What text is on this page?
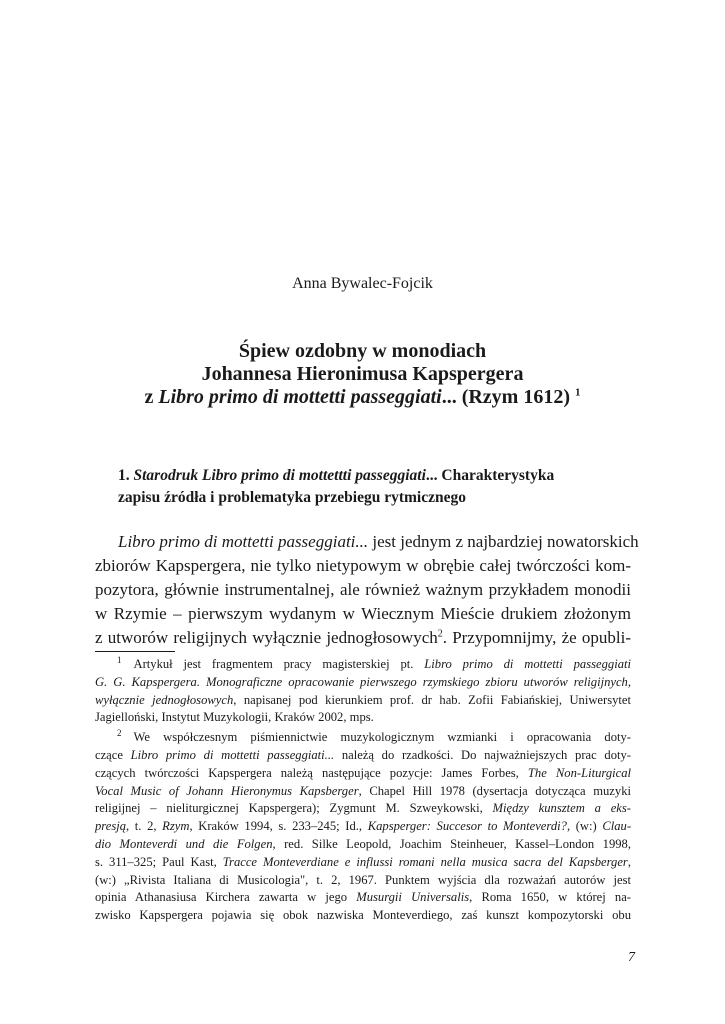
Anna Bywalec-Fojcik
Śpiew ozdobny w monodiach
Johannesa Hieronimusa Kapspergera
z Libro primo di mottetti passeggiati... (Rzym 1612) $^1$
1. Starodruk Libro primo di mottettti passeggiati... Charakterystyka
zapisu źródła i problematyka przebiegu rytmicznego
Libro primo di mottetti passeggiati... jest jednym z najbardziej nowatorskich
zbiorów Kapspergera, nie tylko nietypowym w obrębie całej twórczości kom-
pozytora, głównie instrumentalnej, ale również ważnym przykładem monodii
w Rzymie – pierwszym wydanym w Wiecznym Mieście drukiem złożonym
z utworów religijnych wyłącznie jednogłosowych$^2$. Przypomnijmy, że opubli-
$^1$ Artykuł jest fragmentem pracy magisterskiej pt. Libro primo di mottetti passeggiati
G. G. Kapspergera. Monograficzne opracowanie pierwszego rzymskiego zbioru utworów religijnych,
wyłącznie jednogłosowych, napisanej pod kierunkiem prof. dr hab. Zofii Fabiańskiej, Uniwersytet
Jagielloński, Instytut Muzykologii, Kraków 2002, mps.
$^2$ We współczesnym piśmiennictwie muzykologicznym wzmianki i opracowania doty-
czące Libro primo di mottetti passeggiati... należą do rzadkości. Do najważniejszych prac doty-
czących twórczości Kapspergera należą następujące pozycje: James Forbes, The Non-Liturgical
Vocal Music of Johann Hieronymus Kapsberger, Chapel Hill 1978 (dysertacja dotycząca muzyki
religijnej – nieliturgicznej Kapspergera); Zygmunt M. Szweykowski, Między kunsztem a eks-
presją, t. 2, Rzym, Kraków 1994, s. 233–245; Id., Kapsperger: Succesor to Monteverdi?, (w:) Clau-
dio Monteverdi und die Folgen, red. Silke Leopold, Joachim Steinheuer, Kassel–London 1998,
s. 311–325; Paul Kast, Tracce Monteverdiane e influssi romani nella musica sacra del Kapsberger,
(w:) „Rivista Italiana di Musicologia", t. 2, 1967. Punktem wyjścia dla rozważań autorów jest
opinia Athanasiusa Kirchera zawarta w jego Musurgii Universalis, Roma 1650, w której na-
zwisko Kapspergera pojawia się obok nazwiska Monteverdiego, zaś kunszt kompozytorski obu
7
